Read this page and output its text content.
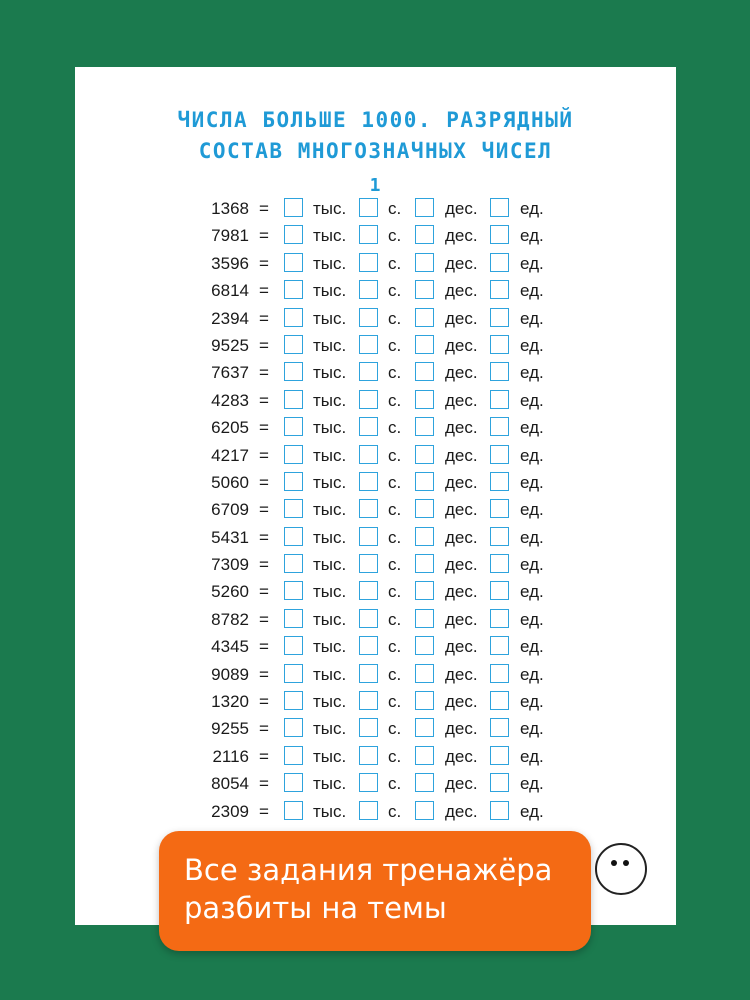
ЧИСЛА БОЛЬШЕ 1000. РАЗРЯДНЫЙ
СОСТАВ МНОГОЗНАЧНЫХ ЧИСЕЛ
1
1368 =	тыс. с.	дес. ед.
7981 =	тыс. с.	дес. ед.
3596 =	тыс. с.	дес. ед.
6814 =	тыс. с.	дес. ед.
2394 =	тыс. с.	дес. ед.
9525 =	тыс. с.	дес. ед.
7637 =	тыс. с.	дес. ед.
4283 =	тыс. с.	дес. ед.
6205 =	тыс. с.	дес. ед.
4217 =	тыс. с.	дес. ед.
5060 =	тыс. с.	дес. ед.
6709 =	тыс. с.	дес. ед.
5431 =	тыс. с.	дес. ед.
7309 =	тыс. с.	дес. ед.
5260 =	тыс. с.	дес. ед.
8782 =	тыс. с.	дес. ед.
4345 =	тыс. с.	дес. ед.
9089 =	тыс. с.	дес. ед.
1320 =	тыс. с.	дес. ед.
9255 =	тыс. с.	дес. ед.
2116 =	тыс. с.	дес. ед.
8054 =	тыс. с.	дес. ед.
2309 =	тыс. с.	дес. ед.
Все задания тренажёра
разбиты на темы
